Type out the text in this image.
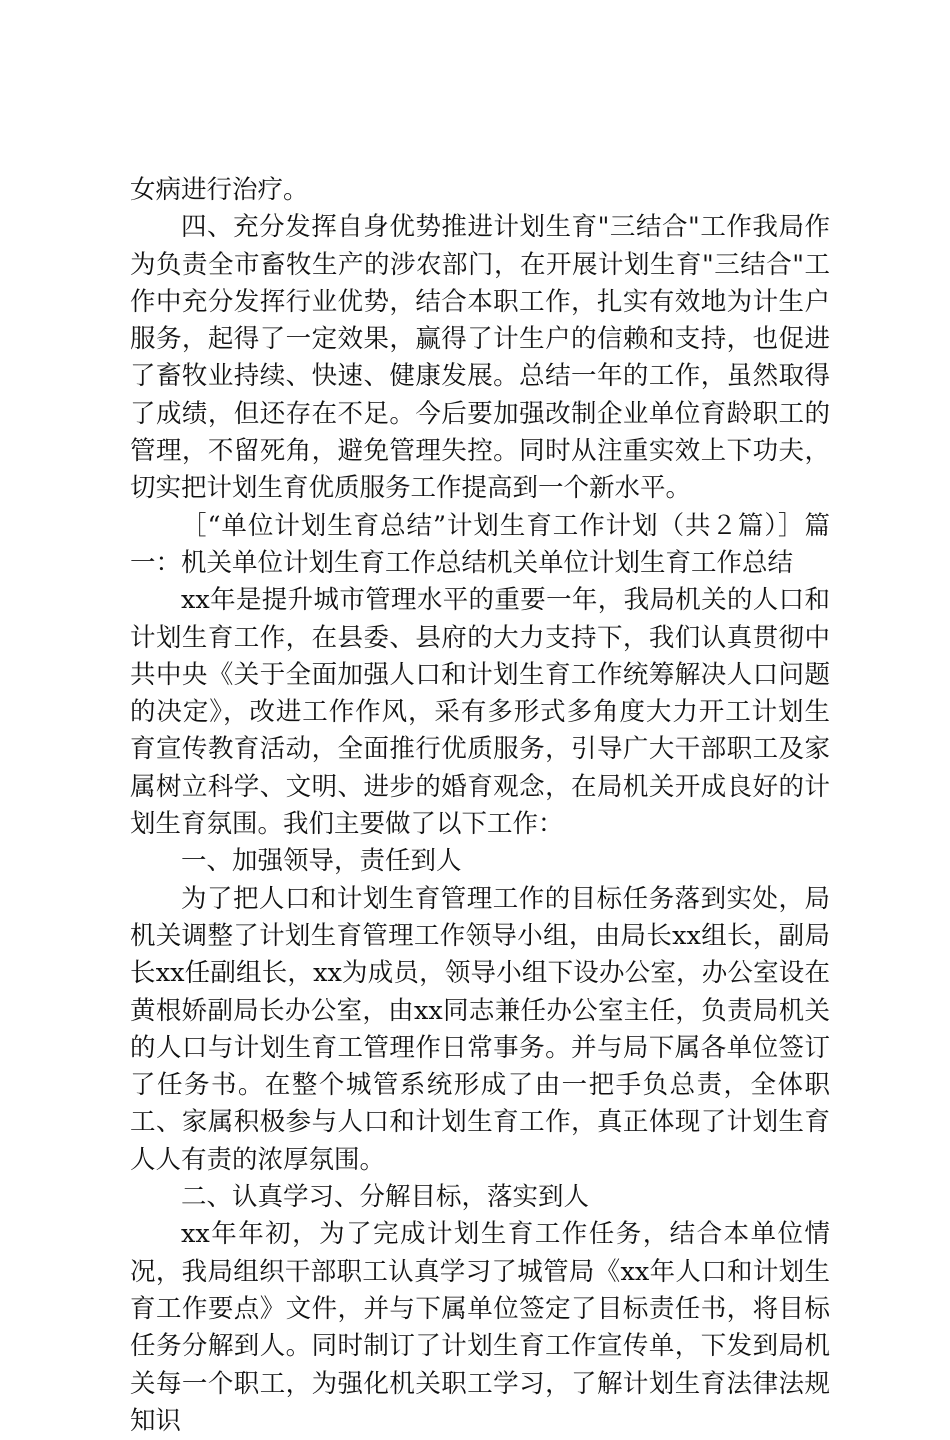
女病进行治疗。

四、充分发挥自身优势推进计划生育"三结合"工作我局作为负责全市畜牧生产的涉农部门，在开展计划生育"三结合"工作中充分发挥行业优势，结合本职工作，扎实有效地为计生户服务，起得了一定效果，赢得了计生户的信赖和支持，也促进了畜牧业持续、快速、健康发展。总结一年的工作，虽然取得了成绩，但还存在不足。今后要加强改制企业单位育龄职工的管理，不留死角，避免管理失控。同时从注重实效上下功夫，切实把计划生育优质服务工作提高到一个新水平。

［“单位计划生育总结”计划生育工作计划（共２篇）］篇一：机关单位计划生育工作总结机关单位计划生育工作总结

xx年是提升城市管理水平的重要一年，我局机关的人口和计划生育工作，在县委、县府的大力支持下，我们认真贯彻中共中央《关于全面加强人口和计划生育工作统筹解决人口问题的决定》，改进工作作风，采有多形式多角度大力开工计划生育宣传教育活动，全面推行优质服务，引导广大干部职工及家属树立科学、文明、进步的婚育观念，在局机关开成良好的计划生育氛围。我们主要做了以下工作：

一、加强领导，责任到人

为了把人口和计划生育管理工作的目标任务落到实处，局机关调整了计划生育管理工作领导小组，由局长xx组长，副局长xx任副组长，xx为成员，领导小组下设办公室，办公室设在黄根娇副局长办公室，由xx同志兼任办公室主任，负责局机关的人口与计划生育工管理作日常事务。并与局下属各单位签订了任务书。在整个城管系统形成了由一把手负总责，全体职工、家属积极参与人口和计划生育工作，真正体现了计划生育人人有责的浓厚氛围。

二、认真学习、分解目标，落实到人

xx年年初，为了完成计划生育工作任务，结合本单位情况，我局组织干部职工认真学习了城管局《xx年人口和计划生育工作要点》文件，并与下属单位签定了目标责任书，将目标任务分解到人。同时制订了计划生育工作宣传单，下发到局机关每一个职工，为强化机关职工学习，了解计划生育法律法规知识
